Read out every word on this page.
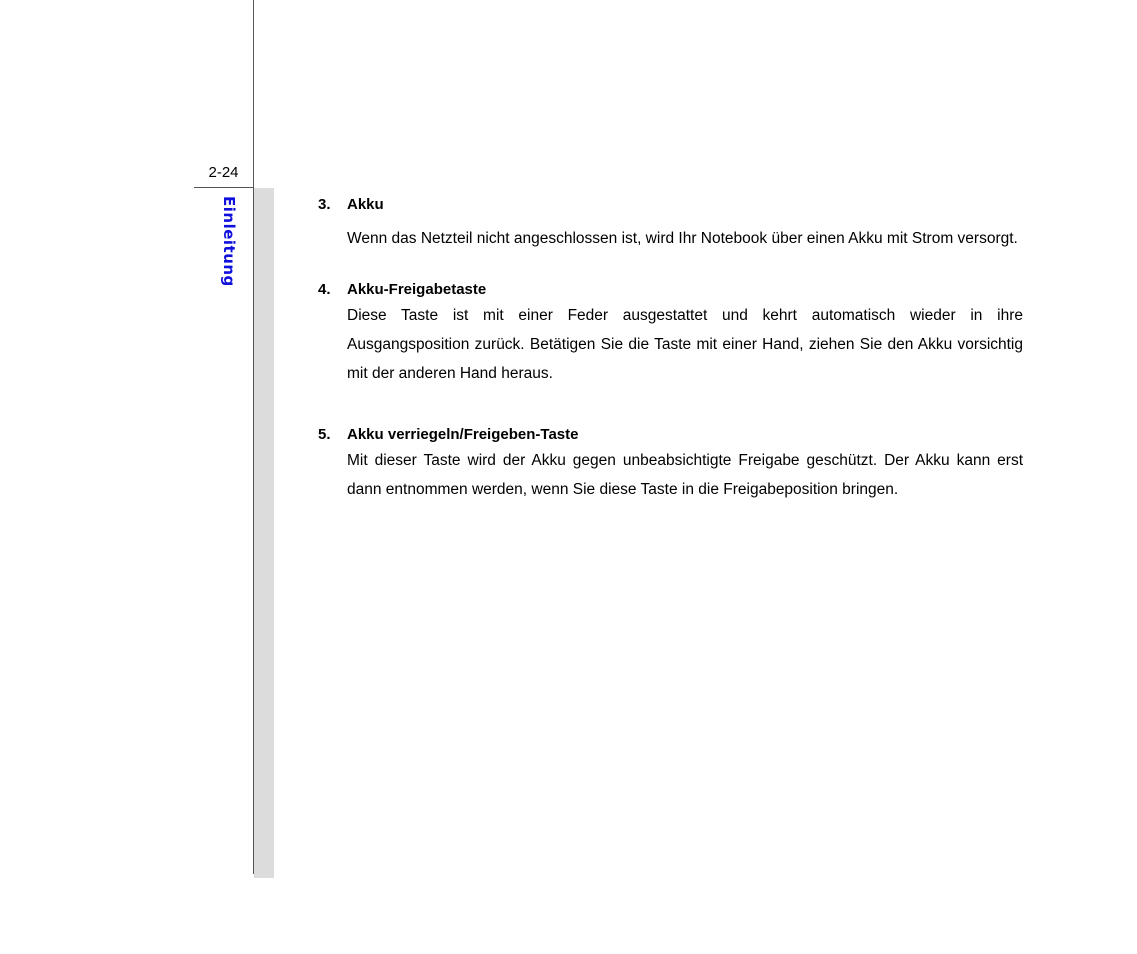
2-24
Einleitung	3. Akku

Wenn das Netzteil nicht angeschlossen ist, wird Ihr Notebook über einen Akku mit Strom versorgt.

4. Akku-Freigabetaste

Diese Taste ist mit einer Feder ausgestattet und kehrt automatisch wieder in ihre Ausgangsposition zurück. Betätigen Sie die Taste mit einer Hand, ziehen Sie den Akku vorsichtig mit der anderen Hand heraus.

5. Akku verriegeln/Freigeben-Taste

Mit dieser Taste wird der Akku gegen unbeabsichtigte Freigabe geschützt. Der Akku kann erst dann entnommen werden, wenn Sie diese Taste in die Freigabeposition bringen.
